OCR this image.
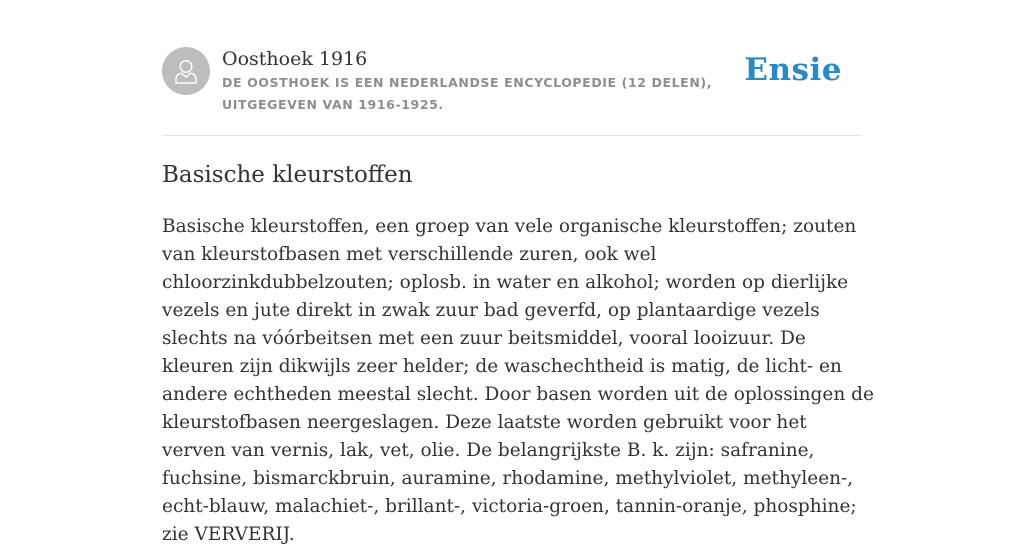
Oosthoek 1916
DE OOSTHOEK IS EEN NEDERLANDSE ENCYCLOPEDIE (12 DELEN), UITGEGEVEN VAN 1916-1925.
Ensie
Basische kleurstoffen

Basische kleurstoffen, een groep van vele organische kleurstoffen; zouten van kleurstofbasen met verschillende zuren, ook wel chloorzinkdubbelzouten; oplosb. in water en alkohol; worden op dierlijke vezels en jute direkt in zwak zuur bad geverfd, op plantaardige vezels slechts na vóórbeitsen met een zuur beitsmiddel, vooral looizuur. De kleuren zijn dikwijls zeer helder; de waschechtheid is matig, de licht- en andere echtheden meestal slecht. Door basen worden uit de oplossingen de kleurstofbasen neergeslagen. Deze laatste worden gebruikt voor het verven van vernis, lak, vet, olie. De belangrijkste B. k. zijn: safranine, fuchsine, bismarckbruin, auramine, rhodamine, methylviolet, methyleen-, echt-blauw, malachiet-, brillant-, victoria-groen, tannin-oranje, phosphine; zie VERVERIJ.
